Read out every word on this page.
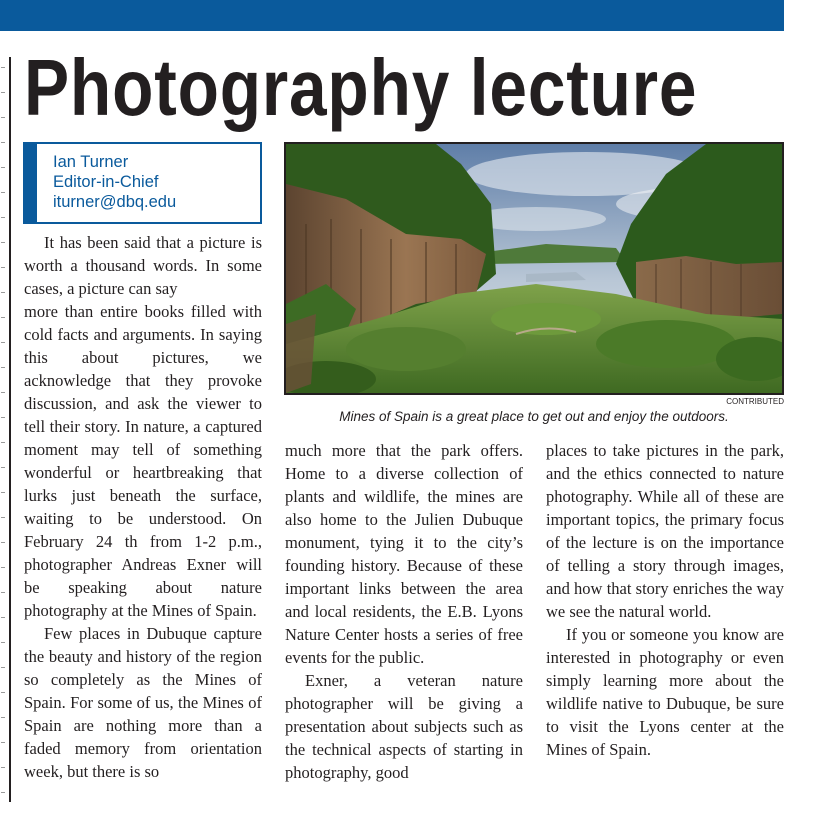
Photography lecture
Ian Turner
Editor-in-Chief
iturner@dbq.edu
CONTRIBUTED
Mines of Spain is a great place to get out and enjoy the outdoors.

It has been said that a picture is worth a thousand words. In some cases, a picture can say

more than entire books filled with cold facts and arguments. In saying this about pictures, we acknowledge that they provoke discussion, and ask the viewer to tell their story. In nature, a captured moment may tell of something wonderful or heartbreaking that lurks just beneath the surface, waiting to be understood. On February 24 th from 1-2 p.m., photographer Andreas Exner will be speaking about nature photography at the Mines of Spain.

Few places in Dubuque capture the beauty and history of the region so completely as the Mines of Spain. For some of us, the Mines of Spain are nothing more than a faded memory from orientation week, but there is so

much more that the park offers. Home to a diverse collection of plants and wildlife, the mines are also home to the Julien Dubuque monument, tying it to the city’s founding history. Because of these important links between the area and local residents, the E.B. Lyons Nature Center hosts a series of free events for the public.

Exner, a veteran nature photographer will be giving a presentation about subjects such as the technical aspects of starting in photography, good

places to take pictures in the park, and the ethics connected to nature photography. While all of these are important topics, the primary focus of the lecture is on the importance of telling a story through images, and how that story enriches the way we see the natural world.

If you or someone you know are interested in photography or even simply learning more about the wildlife native to Dubuque, be sure to visit the Lyons center at the Mines of Spain.
